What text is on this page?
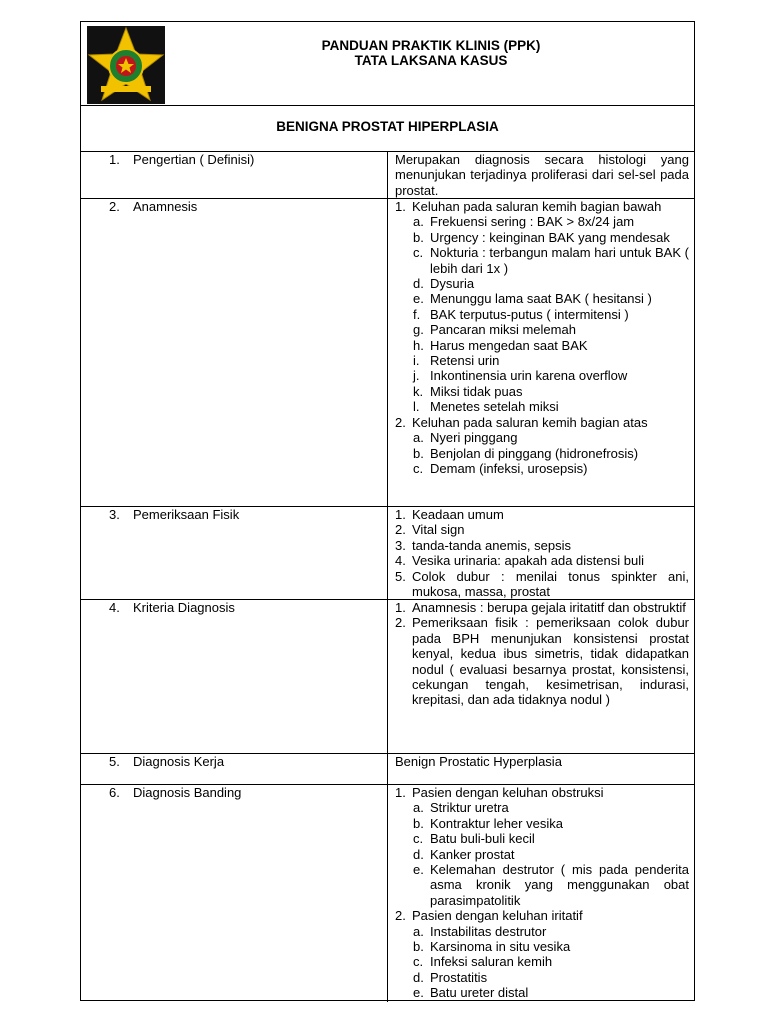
PANDUAN PRAKTIK KLINIS (PPK)
TATA LAKSANA KASUS
BENIGNA PROSTAT HIPERPLASIA
1. Pengertian ( Definisi)	Merupakan diagnosis secara histologi yang menunjukan terjadinya proliferasi dari sel-sel pada prostat.
2. Anamnesis	1. Keluhan pada saluran kemih bagian bawah
a. Frekuensi sering : BAK > 8x/24 jam
b. Urgency : keinginan BAK yang mendesak
c. Nokturia : terbangun malam hari untuk BAK ( lebih dari 1x )
d. Dysuria
e. Menunggu lama saat BAK ( hesitansi )
f. BAK terputus-putus ( intermitensi )
g. Pancaran miksi melemah
h. Harus mengedan saat BAK
i. Retensi urin
j. Inkontinensia urin karena overflow
k. Miksi tidak puas
l. Menetes setelah miksi
2. Keluhan pada saluran kemih bagian atas
a. Nyeri pinggang
b. Benjolan di pinggang (hidronefrosis)
c. Demam (infeksi, urosepsis)
3. Pemeriksaan Fisik	1. Keadaan umum
2. Vital sign
3. tanda-tanda anemis, sepsis
4. Vesika urinaria: apakah ada distensi buli
5. Colok dubur : menilai tonus spinkter ani, mukosa, massa, prostat
4. Kriteria Diagnosis	1. Anamnesis : berupa gejala iritatitf dan obstruktif
2. Pemeriksaan fisik : pemeriksaan colok dubur pada BPH menunjukan konsistensi prostat kenyal, kedua ibus simetris, tidak didapatkan nodul ( evaluasi besarnya prostat, konsistensi, cekungan tengah, kesimetrisan, indurasi, krepitasi, dan ada tidaknya nodul )
5. Diagnosis Kerja	Benign Prostatic Hyperplasia
6. Diagnosis Banding	1. Pasien dengan keluhan obstruksi
a. Striktur uretra
b. Kontraktur leher vesika
c. Batu buli-buli kecil
d. Kanker prostat
e. Kelemahan destrutor ( mis pada penderita asma kronik yang menggunakan obat parasimpatolitik
2. Pasien dengan keluhan iritatif
a. Instabilitas destrutor
b. Karsinoma in situ vesika
c. Infeksi saluran kemih
d. Prostatitis
e. Batu ureter distal
